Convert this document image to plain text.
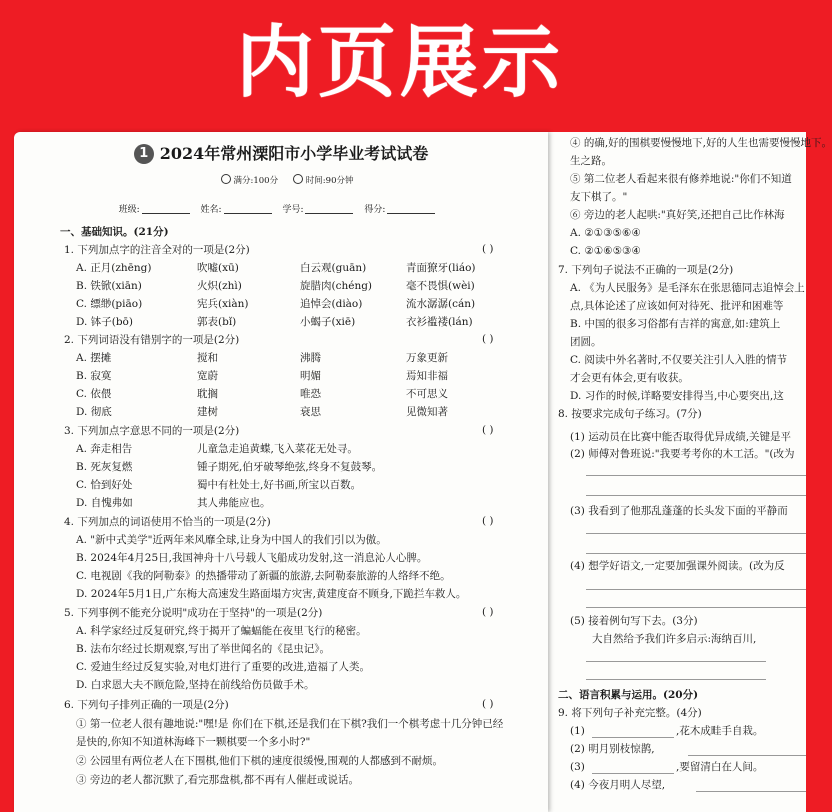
内页展示
1 2024年常州溧阳市小学毕业考试试卷
满分:100分	时间:90分钟
班级:	姓名:	学号:	得分:
一、基础知识。(21分)
1. 下列加点字的注音全对的一项是(2分)	( )
A. 正月(zhēng)	吹嘘(xū)	白云观(guān)	青面獠牙(liáo)
B. 铁锨(xiān)	火炽(zhì)	旋腊肉(chéng)	毫不畏惧(wèi)
C. 缥缈(piāo)	宪兵(xiàn)	追悼会(diào)	流水潺潺(cán)
D. 钵子(bō)	郭表(bǐ)	小蝎子(xiē)	衣衫褴褛(lán)
2. 下列词语没有错别字的一项是(2分)	( )
A. 摆摊	搅和	沸腾	万象更新
B. 寂寞	宽蔚	明媚	焉知非福
C. 依偎	耽搁	唯恐	不可思义
D. 彻底	建树	衰思	见微知著
3. 下列加点字意思不同的一项是(2分)	( )
A. 奔走相告	儿童急走追黄蝶,飞入菜花无处寻。
B. 死灰复燃	锺子期死,伯牙破琴绝弦,终身不复鼓琴。
C. 恰到好处	蜀中有杜处士,好书画,所宝以百数。
D. 自愧弗如	其人弗能应也。
4. 下列加点的词语使用不恰当的一项是(2分)	( )
A. "新中式美学"近两年来风靡全球,让身为中国人的我们引以为傲。
B. 2024年4月25日,我国神舟十八号载人飞船成功发射,这一消息沁人心脾。
C. 电视剧《我的阿勒泰》的热播带动了新疆的旅游,去阿勒泰旅游的人络绎不绝。
D. 2024年5月1日,广东梅大高速发生路面塌方灾害,黄建度奋不顾身,下跪拦车救人。
5. 下列事例不能充分说明"成功在于坚持"的一项是(2分)	( )
A. 科学家经过反复研究,终于揭开了蝙蝠能在夜里飞行的秘密。
B. 法布尔经过长期观察,写出了举世闻名的《昆虫记》。
C. 爱迪生经过反复实验,对电灯进行了重要的改进,造福了人类。
D. 白求恩大夫不顾危险,坚持在前线给伤员做手术。
6. 下列句子排列正确的一项是(2分)	( )
① 第一位老人很有趣地说:"嘿!是 你们在下棋,还是我们在下棋?我们一个棋考虑十几分钟已经
是快的,你知不知道林海峰下一颗棋要一个多小时?"
② 公园里有两位老人在下围棋,他们下棋的速度很缓慢,围观的人都感到不耐烦。
③ 旁边的老人都沉默了,看完那盘棋,都不再有人催赶或说话。
④ 的确,好的围棋要慢慢地下,好的人生也需要慢慢地下。
生之路。
⑤ 第二位老人看起来很有修养地说:"你们不知道
友下棋了。"
⑥ 旁边的老人起哄:"真好笑,还把自己比作林海
A. ②①③⑤⑥④
C. ②①⑥⑤③④
7. 下列句子说法不正确的一项是(2分)
A. 《为人民服务》是毛泽东在张思德同志追悼会上
点,具体论述了应该如何对待死、批评和困难等
B. 中国的很多习俗都有吉祥的寓意,如:建筑上
团圆。
C. 阅读中外名著时,不仅要关注引人入胜的情节
才会更有体会,更有收获。
D. 习作的时候,详略要安排得当,中心要突出,这
8. 按要求完成句子练习。(7分)
(1) 运动员在比赛中能否取得优异成绩,关键是平
(2) 师傅对鲁班说:"我要考考你的木工活。"(改为
(3) 我看到了他那乱蓬蓬的长头发下面的平静而
(4) 想学好语文,一定要加强课外阅读。(改为反
(5) 接着例句写下去。(3分)
大自然给予我们许多启示:海纳百川,
二、语言积累与运用。(20分)
9. 将下列句子补充完整。(4分)
(1)	,花木成畦手自栽。
(2) 明月别枝惊鹊,
(3)	,要留清白在人间。
(4) 今夜月明人尽望,
